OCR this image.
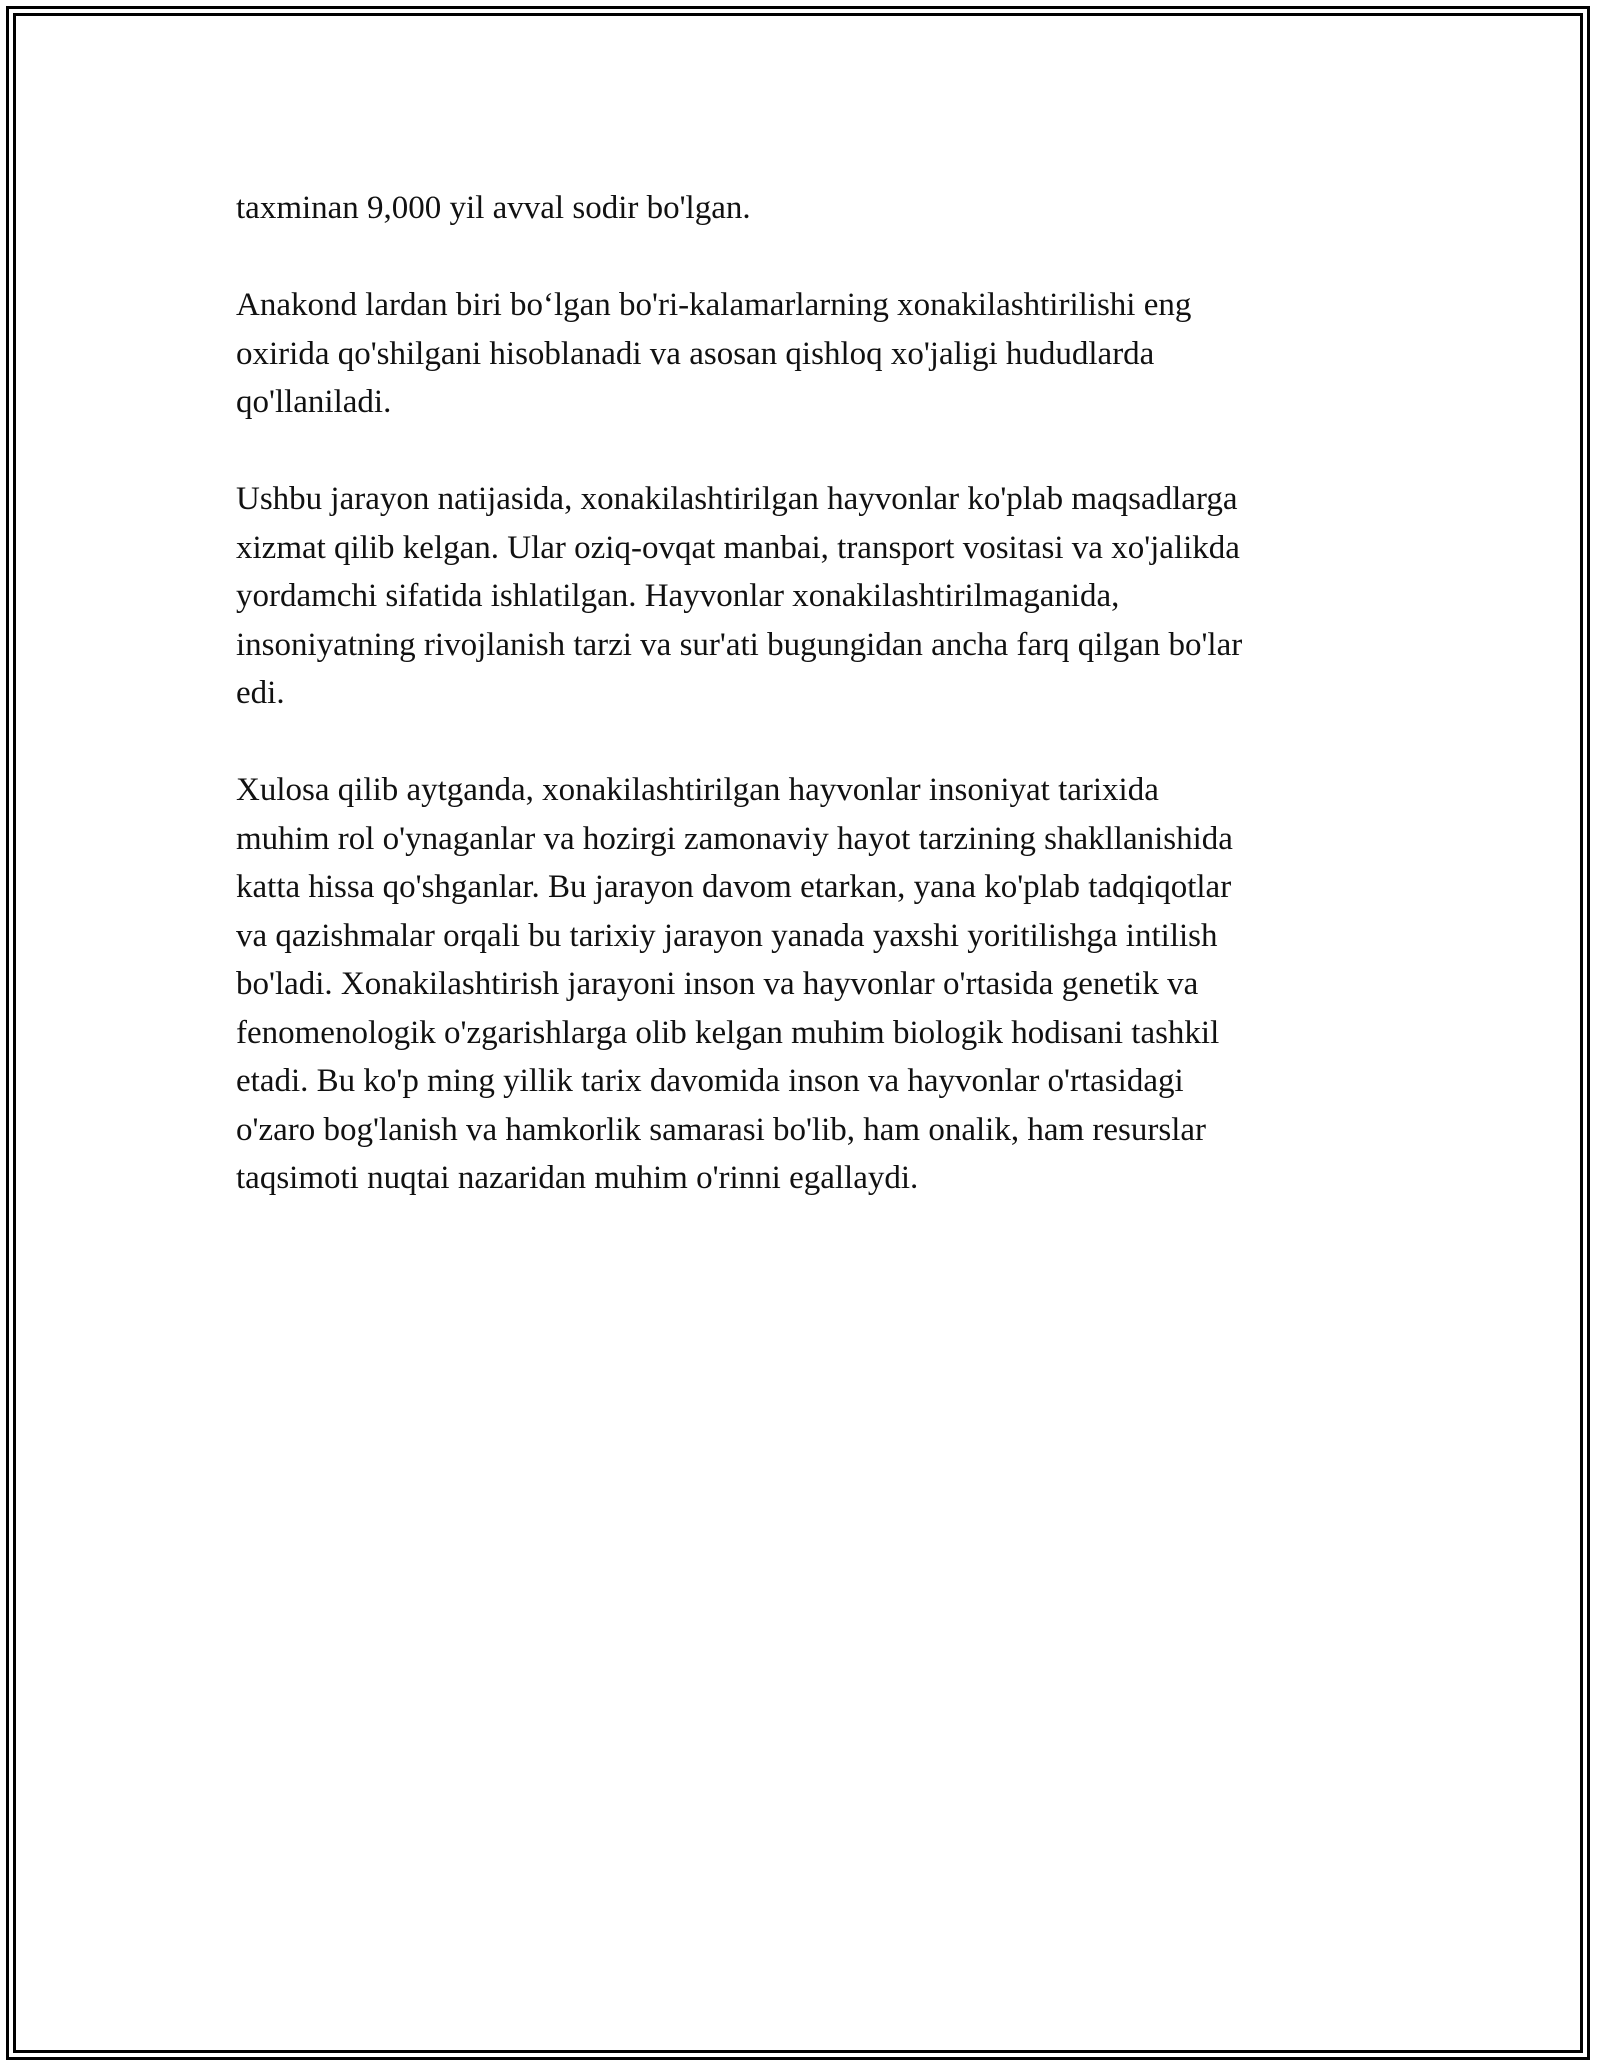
taxminan 9,000 yil avval sodir bo'lgan.

Anakond lardan biri bo‘lgan bo'ri-kalamarlarning xonakilashtirilishi eng
oxirida qo'shilgani hisoblanadi va asosan qishloq xo'jaligi hududlarda
qo'llaniladi.

Ushbu jarayon natijasida, xonakilashtirilgan hayvonlar ko'plab maqsadlarga
xizmat qilib kelgan. Ular oziq-ovqat manbai, transport vositasi va xo'jalikda
yordamchi sifatida ishlatilgan. Hayvonlar xonakilashtirilmaganida,
insoniyatning rivojlanish tarzi va sur'ati bugungidan ancha farq qilgan bo'lar
edi.

Xulosa qilib aytganda, xonakilashtirilgan hayvonlar insoniyat tarixida
muhim rol o'ynaganlar va hozirgi zamonaviy hayot tarzining shakllanishida
katta hissa qo'shganlar. Bu jarayon davom etarkan, yana ko'plab tadqiqotlar
va qazishmalar orqali bu tarixiy jarayon yanada yaxshi yoritilishga intilish
bo'ladi. Xonakilashtirish jarayoni inson va hayvonlar o'rtasida genetik va
fenomenologik o'zgarishlarga olib kelgan muhim biologik hodisani tashkil
etadi. Bu ko'p ming yillik tarix davomida inson va hayvonlar o'rtasidagi
o'zaro bog'lanish va hamkorlik samarasi bo'lib, ham onalik, ham resurslar
taqsimoti nuqtai nazaridan muhim o'rinni egallaydi.
